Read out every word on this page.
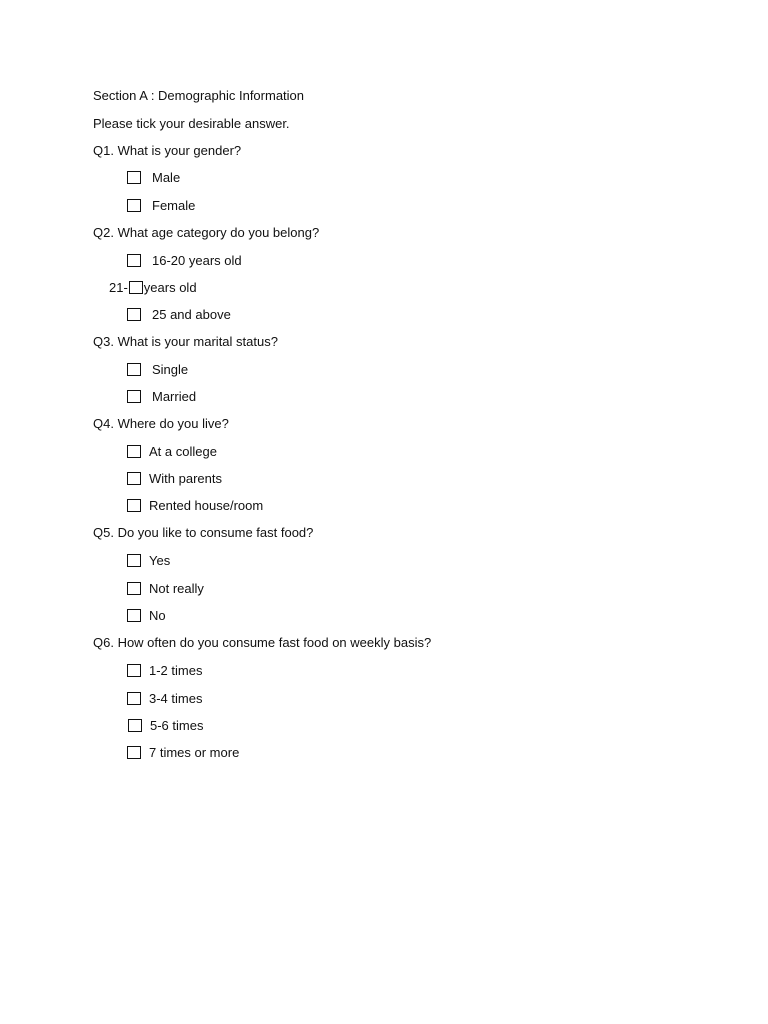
Section A : Demographic Information
Please tick your desirable answer.
Q1. What is your gender?
Male
Female
Q2. What age category do you belong?
16-20 years old
21- years old
25 and above
Q3. What is your marital status?
Single
Married
Q4. Where do you live?
At a college
With parents
Rented house/room
Q5. Do you like to consume fast food?
Yes
Not really
No
Q6. How often do you consume fast food on weekly basis?
1-2 times
3-4 times
5-6 times
7 times or more
